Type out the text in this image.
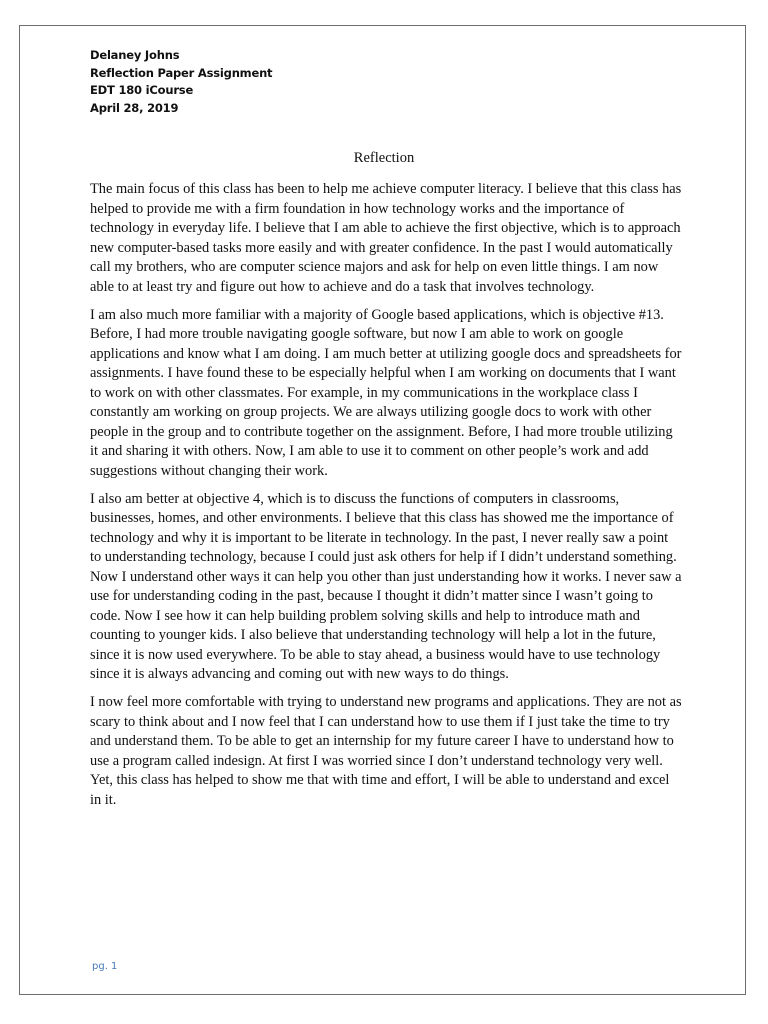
Delaney Johns
Reflection Paper Assignment
EDT 180 iCourse
April 28, 2019
Reflection

The main focus of this class has been to help me achieve computer literacy. I believe that this class has helped to provide me with a firm foundation in how technology works and the importance of technology in everyday life. I believe that I am able to achieve the first objective, which is to approach new computer-based tasks more easily and with greater confidence. In the past I would automatically call my brothers, who are computer science majors and ask for help on even little things. I am now able to at least try and figure out how to achieve and do a task that involves technology.

I am also much more familiar with a majority of Google based applications, which is objective #13. Before, I had more trouble navigating google software, but now I am able to work on google applications and know what I am doing. I am much better at utilizing google docs and spreadsheets for assignments. I have found these to be especially helpful when I am working on documents that I want to work on with other classmates. For example, in my communications in the workplace class I constantly am working on group projects. We are always utilizing google docs to work with other people in the group and to contribute together on the assignment. Before, I had more trouble utilizing it and sharing it with others. Now, I am able to use it to comment on other people’s work and add suggestions without changing their work.

I also am better at objective 4, which is to discuss the functions of computers in classrooms, businesses, homes, and other environments. I believe that this class has showed me the importance of technology and why it is important to be literate in technology. In the past, I never really saw a point to understanding technology, because I could just ask others for help if I didn’t understand something. Now I understand other ways it can help you other than just understanding how it works. I never saw a use for understanding coding in the past, because I thought it didn’t matter since I wasn’t going to code. Now I see how it can help building problem solving skills and help to introduce math and counting to younger kids. I also believe that understanding technology will help a lot in the future, since it is now used everywhere. To be able to stay ahead, a business would have to use technology since it is always advancing and coming out with new ways to do things.

I now feel more comfortable with trying to understand new programs and applications. They are not as scary to think about and I now feel that I can understand how to use them if I just take the time to try and understand them. To be able to get an internship for my future career I have to understand how to use a program called indesign. At first I was worried since I don’t understand technology very well. Yet, this class has helped to show me that with time and effort, I will be able to understand and excel in it.

pg. 1
